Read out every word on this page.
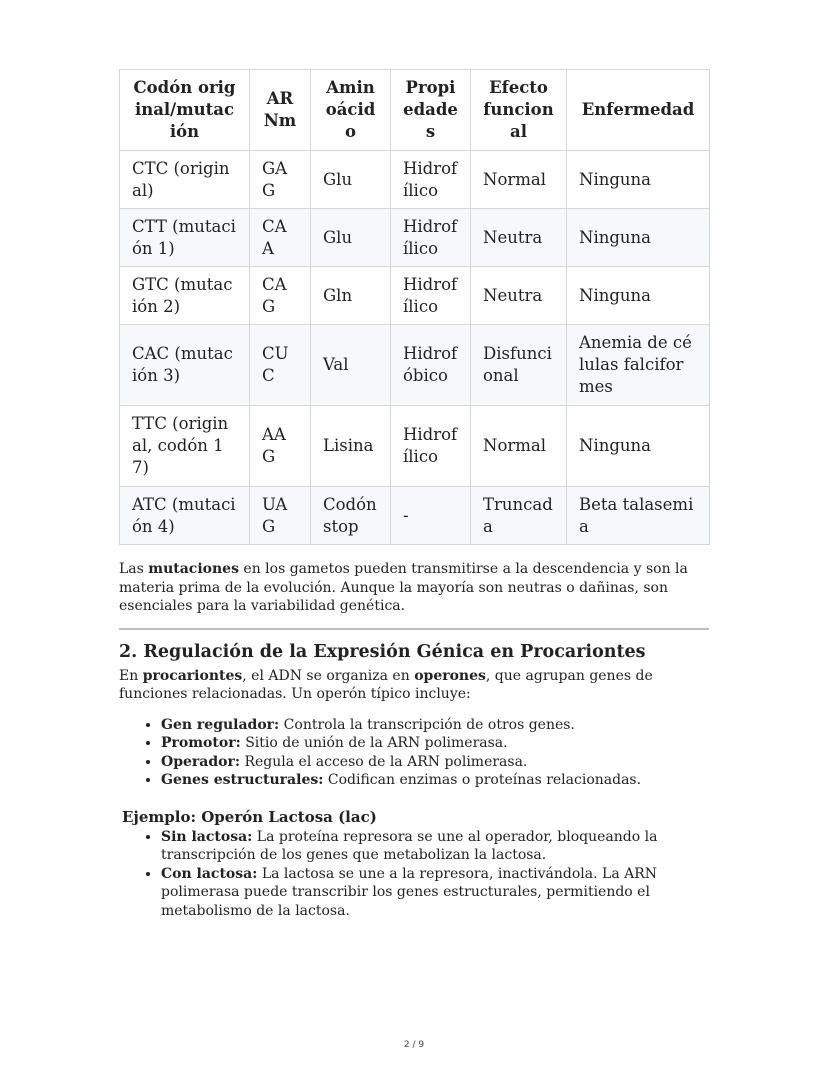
Codón original/mutación	ARNm	Aminoácido	Propiedades	Efecto funcional	Enfermedad
CTC (original)	GAG	Glu	Hidrofílico	Normal	Ninguna
CTT (mutación 1)	CAA	Glu	Hidrofílico	Neutra	Ninguna
GTC (mutación 2)	CAG	Gln	Hidrofílico	Neutra	Ninguna
CAC (mutación 3)	CUC	Val	Hidrofóbico	Disfuncional	Anemia de células falciformes
TTC (original, codón 17)	AAG	Lisina	Hidrofílico	Normal	Ninguna
ATC (mutación 4)	UAG	Codón stop	-	Truncada	Beta talasemia

Las mutaciones en los gametos pueden transmitirse a la descendencia y son la materia prima de la evolución. Aunque la mayoría son neutras o dañinas, son esenciales para la variabilidad genética.

2. Regulación de la Expresión Génica en Procariontes

En procariontes, el ADN se organiza en operones, que agrupan genes de funciones relacionadas. Un operón típico incluye:

• Gen regulador: Controla la transcripción de otros genes.
• Promotor: Sitio de unión de la ARN polimerasa.
• Operador: Regula el acceso de la ARN polimerasa.
• Genes estructurales: Codifican enzimas o proteínas relacionadas.
Ejemplo: Operón Lactosa (lac)
• Sin lactosa: La proteína represora se une al operador, bloqueando la transcripción de los genes que metabolizan la lactosa.
• Con lactosa: La lactosa se une a la represora, inactivándola. La ARN polimerasa puede transcribir los genes estructurales, permitiendo el metabolismo de la lactosa.
2 / 9
